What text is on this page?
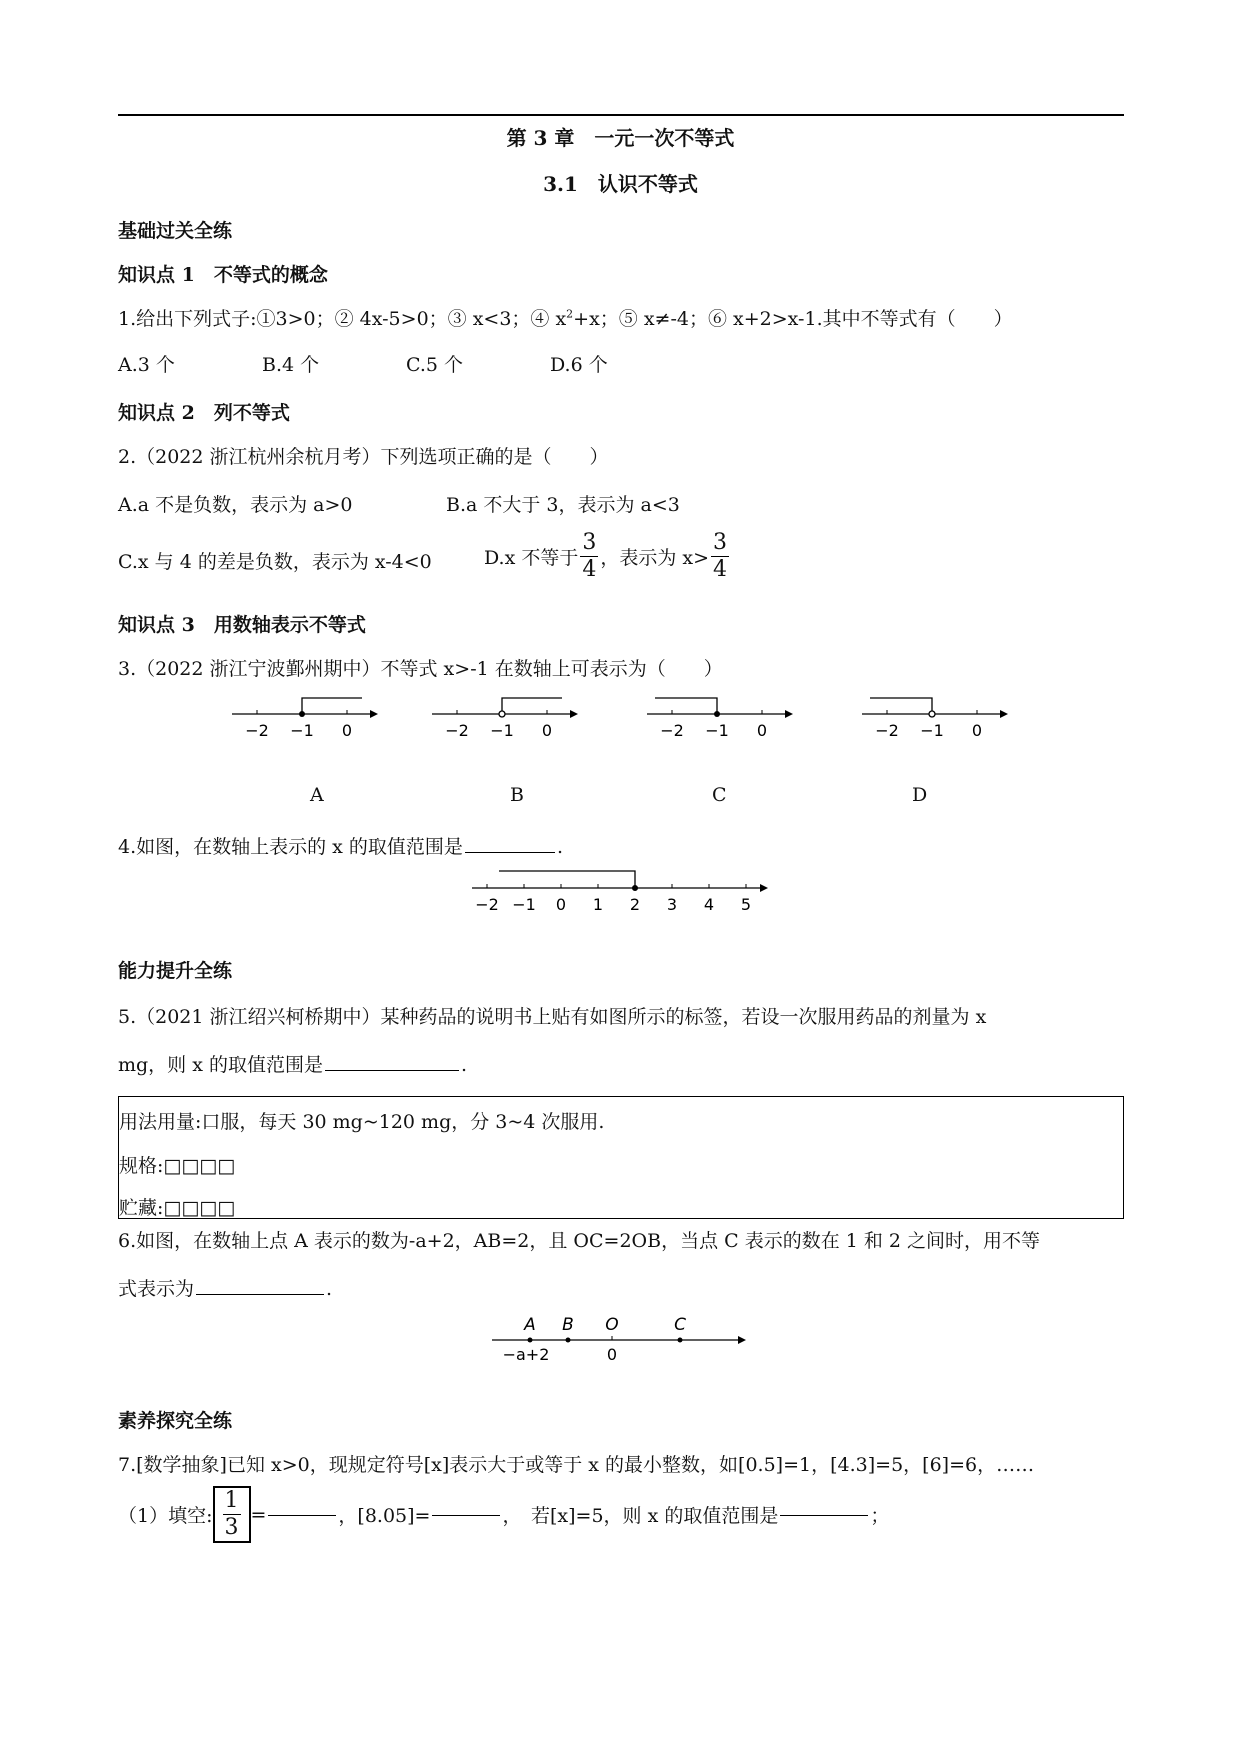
第 3 章　一元一次不等式
3.1　认识不等式
基础过关全练
知识点 1　不等式的概念
1.给出下列式子:①3>0；② 4x-5>0；③ x<3；④ $x^2+x$；⑤ x≠-4；⑥ x+2>x-1.其中不等式有（　　）
A.3 个	B.4 个	C.5 个	D.6 个
知识点 2　列不等式
2.（2022 浙江杭州余杭月考）下列选项正确的是（　　）
A.a 不是负数，表示为 a>0	B.a 不大于 3，表示为 a<3
C.x 与 4 的差是负数，表示为 x-4<0	D.x 不等于 $\frac{3}{4}$ ，表示为 $x> \frac{3}{4}$
知识点 3　用数轴表示不等式
3.（2022 浙江宁波鄞州期中）不等式 x>-1 在数轴上可表示为（　　）
−2 −1 0	−2 −1 0	−2 −1 0	−2 −1 0
A	B	C	D
4.如图，在数轴上表示的 x 的取值范围是	.
−2 −1 0 1 2 3 4 5
能力提升全练
5.（2021 浙江绍兴柯桥期中）某种药品的说明书上贴有如图所示的标签，若设一次服用药品的剂量为 x
mg，则 x 的取值范围是	.
用法用量:口服，每天 30 mg~120 mg，分 3~4 次服用.
规格:□□□□
贮藏:□□□□
6.如图，在数轴上点 A 表示的数为-a+2，AB=2，且 OC=2OB，当点 C 表示的数在 1 和 2 之间时，用不等
式表示为	.
A B O	C
−a+2	0
素养探究全练
7.[数学抽象]已知 x>0，现规定符号[x]表示大于或等于 x 的最小整数，如[0.5]=1，[4.3]=5，[6]=6，……
（1）填空: $\frac{1}{3}$ =	，[8.05]=	，　若[x]=5，则 x 的取值范围是	；
